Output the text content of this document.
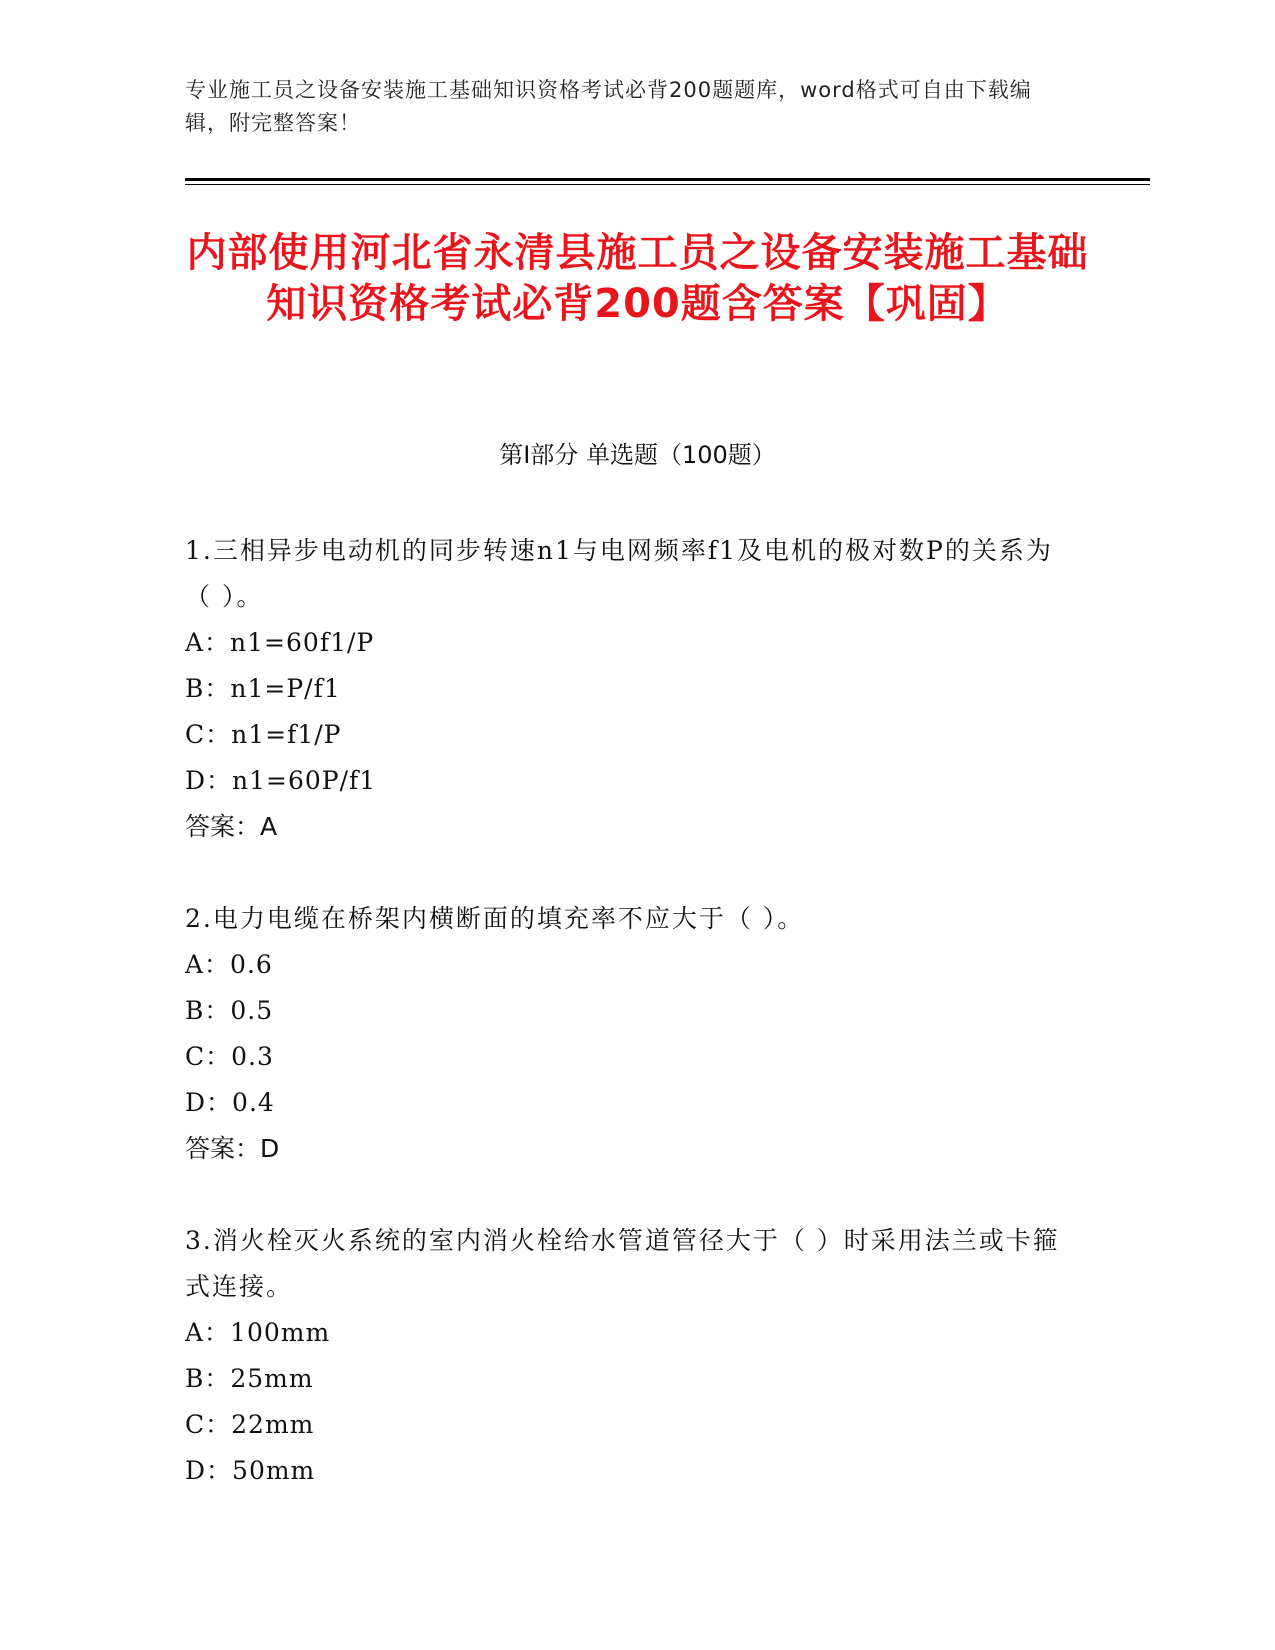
专业施工员之设备安装施工基础知识资格考试必背200题题库，word格式可自由下载编辑，附完整答案！
内部使用河北省永清县施工员之设备安装施工基础知识资格考试必背200题含答案【巩固】
第I部分 单选题（100题）

1.三相异步电动机的同步转速n1与电网频率f1及电机的极对数P的关系为（ ）。

A：n1=60f1/P

B：n1=P/f1

C：n1=f1/P

D：n1=60P/f1

答案：A

2.电力电缆在桥架内横断面的填充率不应大于（ ）。

A：0.6

B：0.5

C：0.3

D：0.4

答案：D

3.消火栓灭火系统的室内消火栓给水管道管径大于（ ）时采用法兰或卡箍式连接。

A：100mm

B：25mm

C：22mm

D：50mm
